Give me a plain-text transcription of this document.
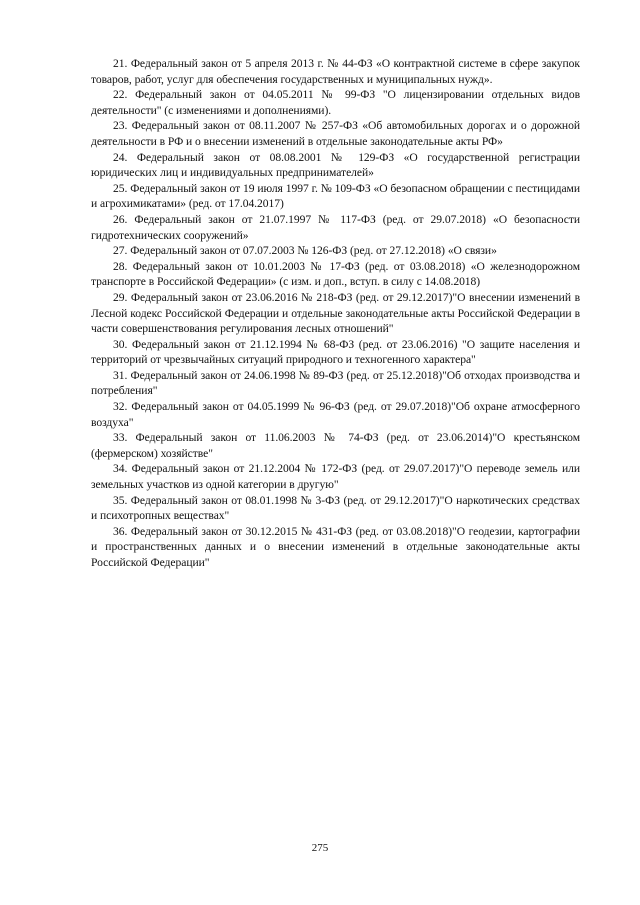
21. Федеральный закон от 5 апреля 2013 г. № 44-ФЗ «О контрактной системе в сфере закупок товаров, работ, услуг для обеспечения государственных и муниципальных нужд».
22. Федеральный закон от 04.05.2011 № 99-ФЗ "О лицензировании отдельных видов деятельности" (с изменениями и дополнениями).
23. Федеральный закон от 08.11.2007 № 257-ФЗ «Об автомобильных дорогах и о дорожной деятельности в РФ и о внесении изменений в отдельные законодательные акты РФ»
24. Федеральный закон от 08.08.2001 № 129-ФЗ «О государственной регистрации юридических лиц и индивидуальных предпринимателей»
25. Федеральный закон от 19 июля 1997 г. № 109-ФЗ «О безопасном обращении с пестицидами и агрохимикатами» (ред. от 17.04.2017)
26. Федеральный закон от 21.07.1997 № 117-ФЗ (ред. от 29.07.2018) «О безопасности гидротехнических сооружений»
27. Федеральный закон от 07.07.2003 № 126-ФЗ (ред. от 27.12.2018) «О связи»
28. Федеральный закон от 10.01.2003 № 17-ФЗ (ред. от 03.08.2018) «О железнодорожном транспорте в Российской Федерации» (с изм. и доп., вступ. в силу с 14.08.2018)
29. Федеральный закон от 23.06.2016 № 218-ФЗ (ред. от 29.12.2017)"О внесении изменений в Лесной кодекс Российской Федерации и отдельные законодательные акты Российской Федерации в части совершенствования регулирования лесных отношений"
30. Федеральный закон от 21.12.1994 № 68-ФЗ (ред. от 23.06.2016) "О защите населения и территорий от чрезвычайных ситуаций природного и техногенного характера"
31. Федеральный закон от 24.06.1998 № 89-ФЗ (ред. от 25.12.2018)"Об отходах производства и потребления"
32. Федеральный закон от 04.05.1999 № 96-ФЗ (ред. от 29.07.2018)"Об охране атмосферного воздуха"
33. Федеральный закон от 11.06.2003 № 74-ФЗ (ред. от 23.06.2014)"О крестьянском (фермерском) хозяйстве"
34. Федеральный закон от 21.12.2004 № 172-ФЗ (ред. от 29.07.2017)"О переводе земель или земельных участков из одной категории в другую"
35. Федеральный закон от 08.01.1998 № 3-ФЗ (ред. от 29.12.2017)"О наркотических средствах и психотропных веществах"
36. Федеральный закон от 30.12.2015 № 431-ФЗ (ред. от 03.08.2018)"О геодезии, картографии и пространственных данных и о внесении изменений в отдельные законодательные акты Российской Федерации"
275
